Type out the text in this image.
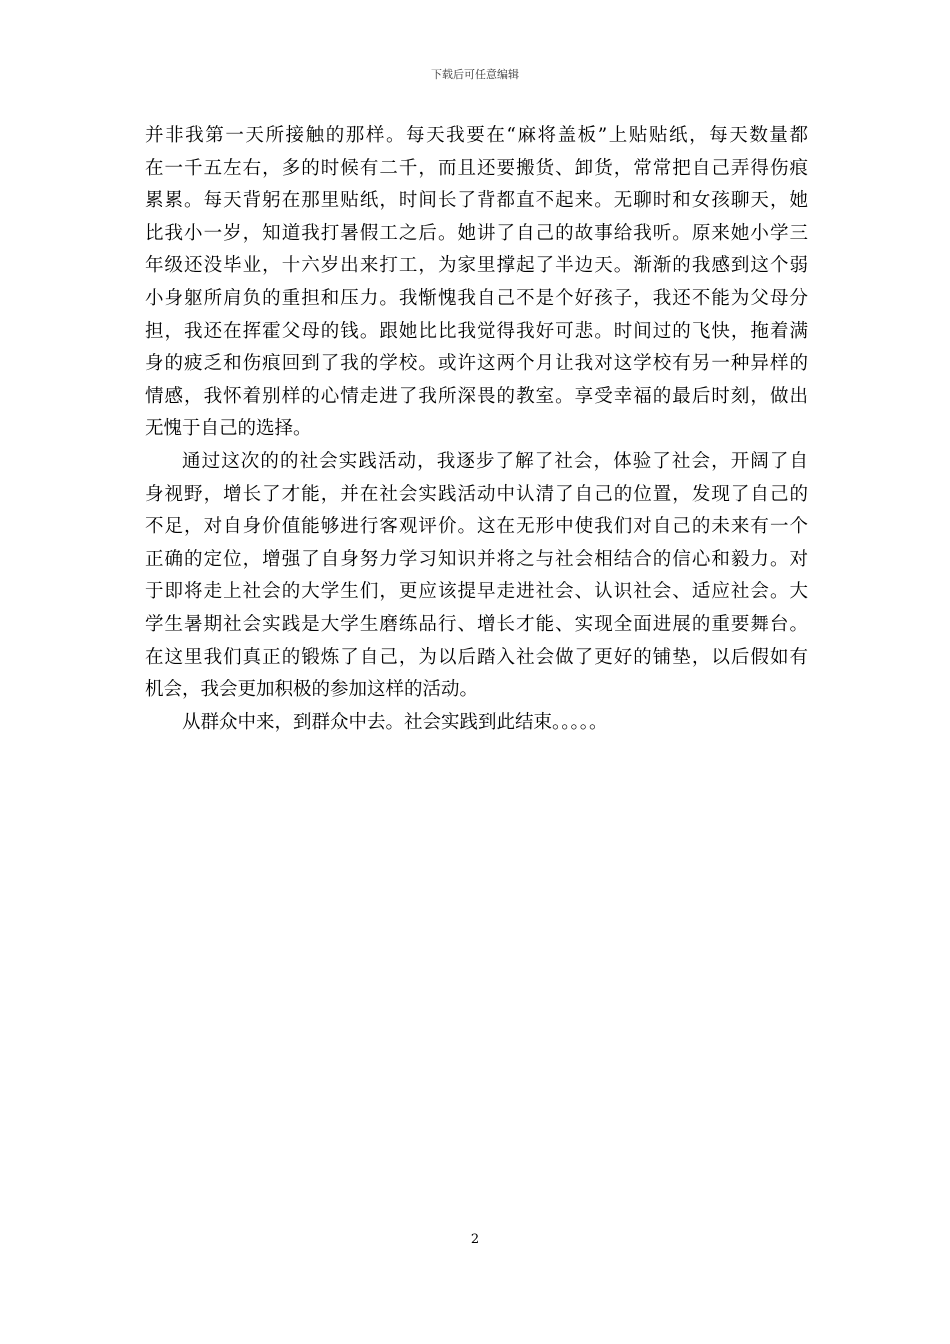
下载后可任意编辑
并非我第一天所接触的那样。每天我要在“麻将盖板”上贴贴纸，每天数量都
在一千五左右，多的时候有二千，而且还要搬货、卸货，常常把自己弄得伤痕
累累。每天背躬在那里贴纸，时间长了背都直不起来。无聊时和女孩聊天，她
比我小一岁，知道我打暑假工之后。她讲了自己的故事给我听。原来她小学三
年级还没毕业，十六岁出来打工，为家里撑起了半边天。渐渐的我感到这个弱
小身躯所肩负的重担和压力。我惭愧我自己不是个好孩子，我还不能为父母分
担，我还在挥霍父母的钱。跟她比比我觉得我好可悲。时间过的飞快，拖着满
身的疲乏和伤痕回到了我的学校。或许这两个月让我对这学校有另一种异样的
情感，我怀着别样的心情走进了我所深畏的教室。享受幸福的最后时刻，做出
无愧于自己的选择。
通过这次的的社会实践活动，我逐步了解了社会，体验了社会，开阔了自
身视野，增长了才能，并在社会实践活动中认清了自己的位置，发现了自己的
不足，对自身价值能够进行客观评价。这在无形中使我们对自己的未来有一个
正确的定位，增强了自身努力学习知识并将之与社会相结合的信心和毅力。对
于即将走上社会的大学生们，更应该提早走进社会、认识社会、适应社会。大
学生暑期社会实践是大学生磨练品行、增长才能、实现全面进展的重要舞台。
在这里我们真正的锻炼了自己，为以后踏入社会做了更好的铺垫，以后假如有
机会，我会更加积极的参加这样的活动。
从群众中来，到群众中去。社会实践到此结束。。。。。
2
